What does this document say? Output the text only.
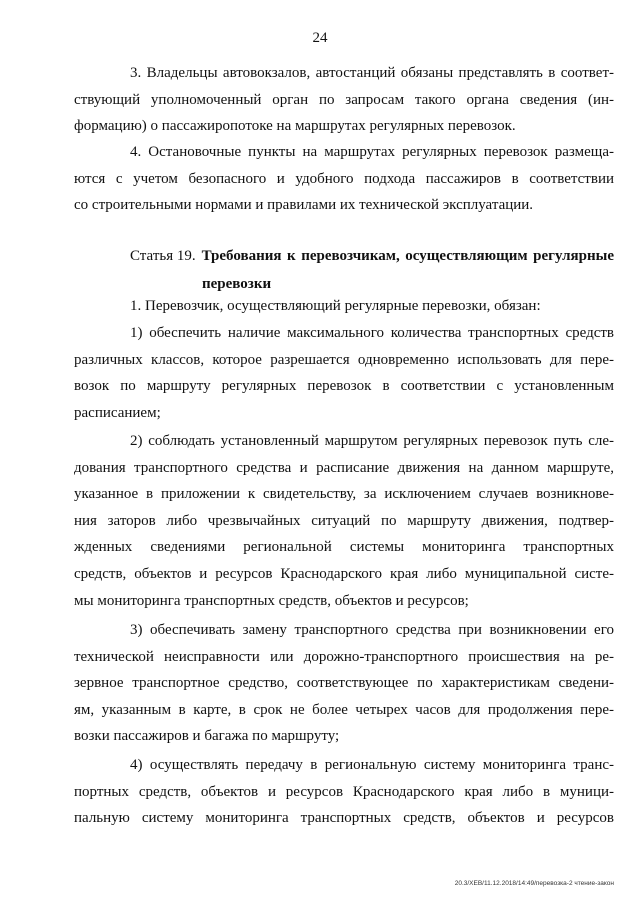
24
3. Владельцы автовокзалов, автостанций обязаны представлять в соответ-
ствующий уполномоченный орган по запросам такого органа сведения (ин-
формацию) о пассажиропотоке на маршрутах регулярных перевозок.
4. Остановочные пункты на маршрутах регулярных перевозок размеща-
ются с учетом безопасного и удобного подхода пассажиров в соответствии
со строительными нормами и правилами их технической эксплуатации.
Статья 19. Требования к перевозчикам, осуществляющим регулярные
перевозки
1. Перевозчик, осуществляющий регулярные перевозки, обязан:
1) обеспечить наличие максимального количества транспортных средств
различных классов, которое разрешается одновременно использовать для пере-
возок по маршруту регулярных перевозок в соответствии с установленным
расписанием;
2) соблюдать установленный маршрутом регулярных перевозок путь сле-
дования транспортного средства и расписание движения на данном маршруте,
указанное в приложении к свидетельству, за исключением случаев возникнове-
ния заторов либо чрезвычайных ситуаций по маршруту движения, подтвер-
жденных сведениями региональной системы мониторинга транспортных
средств, объектов и ресурсов Краснодарского края либо муниципальной систе-
мы мониторинга транспортных средств, объектов и ресурсов;
3) обеспечивать замену транспортного средства при возникновении его
технической неисправности или дорожно-транспортного происшествия на ре-
зервное транспортное средство, соответствующее по характеристикам сведени-
ям, указанным в карте, в срок не более четырех часов для продолжения пере-
возки пассажиров и багажа по маршруту;
4) осуществлять передачу в региональную систему мониторинга транс-
портных средств, объектов и ресурсов Краснодарского края либо в муници-
пальную систему мониторинга транспортных средств, объектов и ресурсов
20.3/ХЕВ/11.12.2018/14:49/перевозка-2 чтение-закон
